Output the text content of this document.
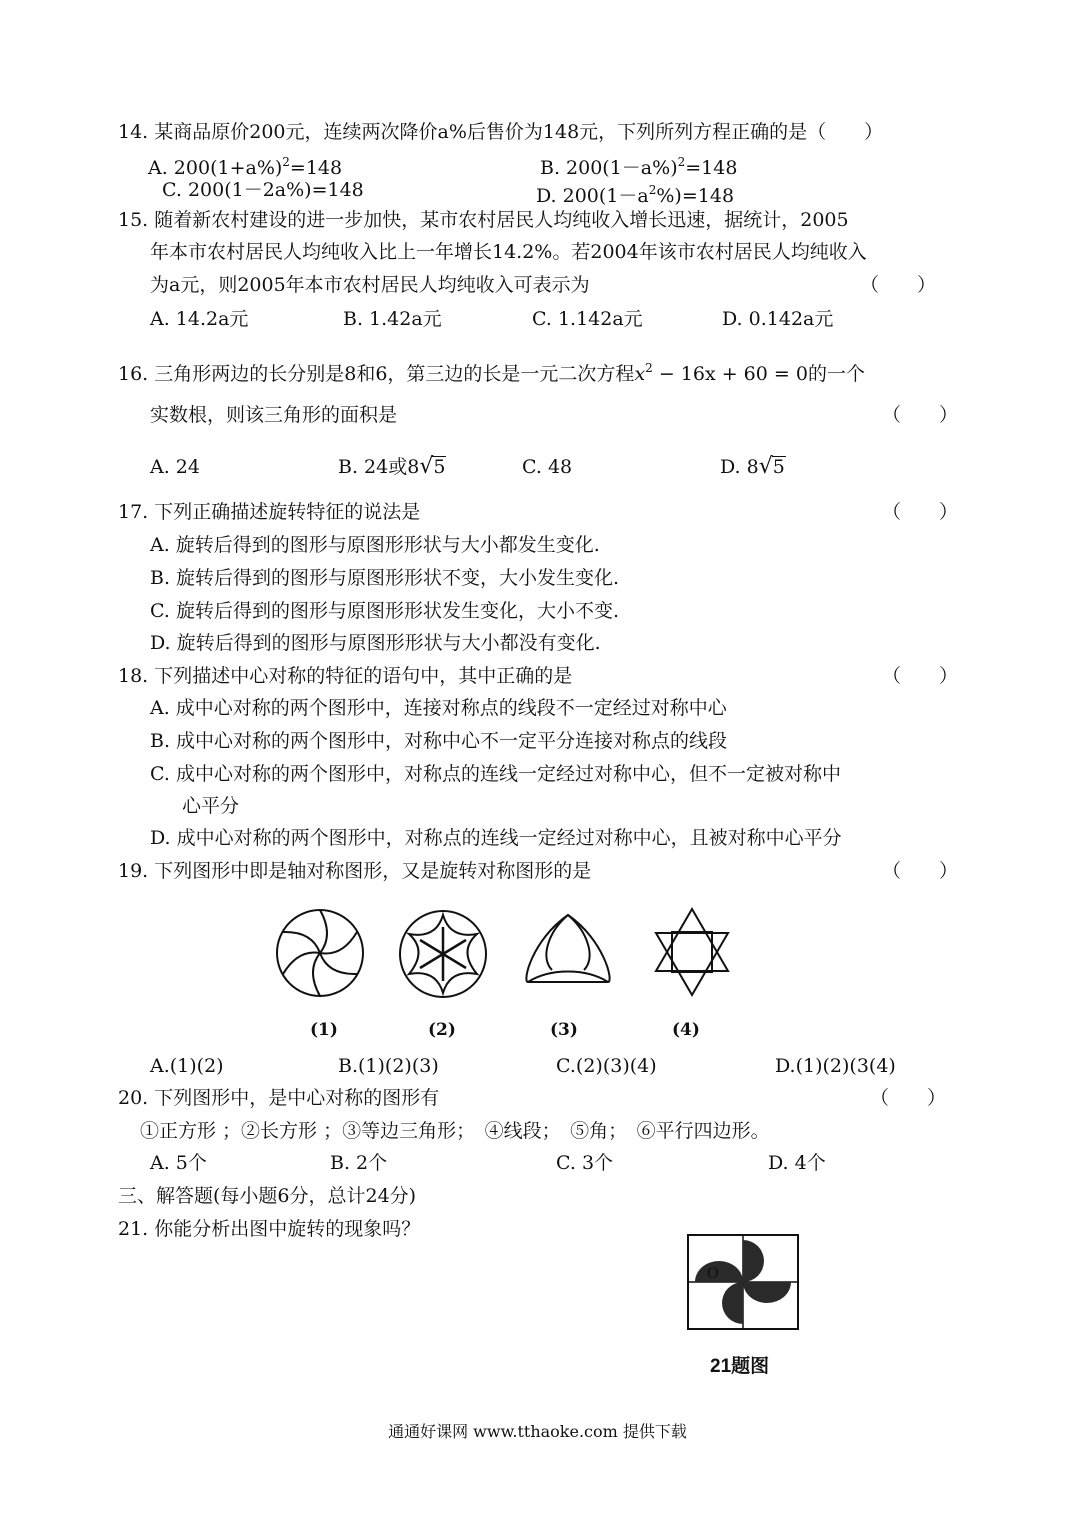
14. 某商品原价200元，连续两次降价a%后售价为148元，下列所列方程正确的是（　　）
A. $200(1+a\%)^2=148$	B. $200(1-a\%)^2=148$
C. 200(1－2a%)=148	D. $200(1-a^2\%)=148$
15. 随着新农村建设的进一步加快，某市农村居民人均纯收入增长迅速，据统计，2005
年本市农村居民人均纯收入比上一年增长14.2%。若2004年该市农村居民人均纯收入
为a元，则2005年本市农村居民人均纯收入可表示为	（　　）
A. 14.2a元	B. 1.42a元	C. 1.142a元	D. 0.142a元
16. 三角形两边的长分别是8和6，第三边的长是一元二次方程$x^2 - 16x + 60 = 0$的一个
实数根，则该三角形的面积是	（　　）
A. 24	B. 24或8√5	C. 48	D. 8√5
17. 下列正确描述旋转特征的说法是	（　　）
A. 旋转后得到的图形与原图形形状与大小都发生变化.
B. 旋转后得到的图形与原图形形状不变，大小发生变化.
C. 旋转后得到的图形与原图形形状发生变化，大小不变.
D. 旋转后得到的图形与原图形形状与大小都没有变化.
18. 下列描述中心对称的特征的语句中，其中正确的是	（　　）
A. 成中心对称的两个图形中，连接对称点的线段不一定经过对称中心
B. 成中心对称的两个图形中，对称中心不一定平分连接对称点的线段
C. 成中心对称的两个图形中，对称点的连线一定经过对称中心，但不一定被对称中
心平分
D. 成中心对称的两个图形中，对称点的连线一定经过对称中心，且被对称中心平分
19. 下列图形中即是轴对称图形，又是旋转对称图形的是	（　　）
(1)	(2)	(3)	(4)
A.(1)(2)	B.(1)(2)(3)	C.(2)(3)(4)	D.(1)(2)(3(4)
20. 下列图形中，是中心对称的图形有	（　　）
①正方形 ；②长方形 ；③等边三角形；　④线段；　⑤角；　⑥平行四边形。
A. 5个	B. 2个	C. 3个	D. 4个
三、解答题(每小题6分，总计24分)
21. 你能分析出图中旋转的现象吗？
O
21题图
通通好课网 www.tthaoke.com 提供下载
